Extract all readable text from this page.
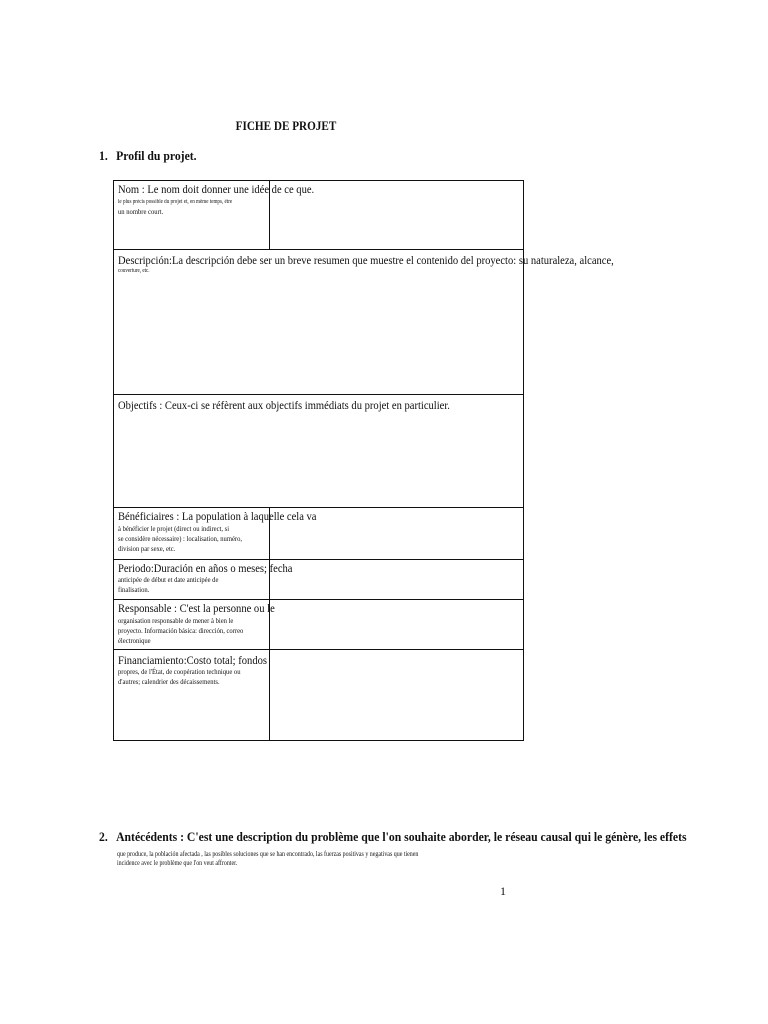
FICHE DE PROJET
1. Profil du projet.
Nom : Le nom doit donner une idée de ce que.
le plus précis possible du projet et, en même temps, être
un nombre court.	

Descripción:La descripción debe ser un breve resumen que muestre el contenido del proyecto: su naturaleza, alcance,
couverture, etc.	

Objectifs : Ceux-ci se réfèrent aux objectifs immédiats du projet en particulier.	

Bénéficiaires : La population à laquelle cela va
à bénéficier le projet (direct ou indirect, si
se considère nécessaire) : localisation, numéro,
division par sexe, etc.	

Periodo:Duración en años o meses; fecha
anticipée de début et date anticipée de
finalisation.	

Responsable : C'est la personne ou le
organisation responsable de mener à bien le
proyecto. Información básica: dirección, correo
électronique	

Financiamiento:Costo total; fondos
propres, de l'État, de coopération technique ou
d'autres; calendrier des décaissements.	

2. Antécédents : C'est une description du problème que l'on souhaite aborder, le réseau causal qui le génère, les effets
que produce, la población afectada , las posibles soluciones que se han encontrado, las fuerzas positivas y negativas que tienen
incidence avec le problème que l'on veut affronter.
1
